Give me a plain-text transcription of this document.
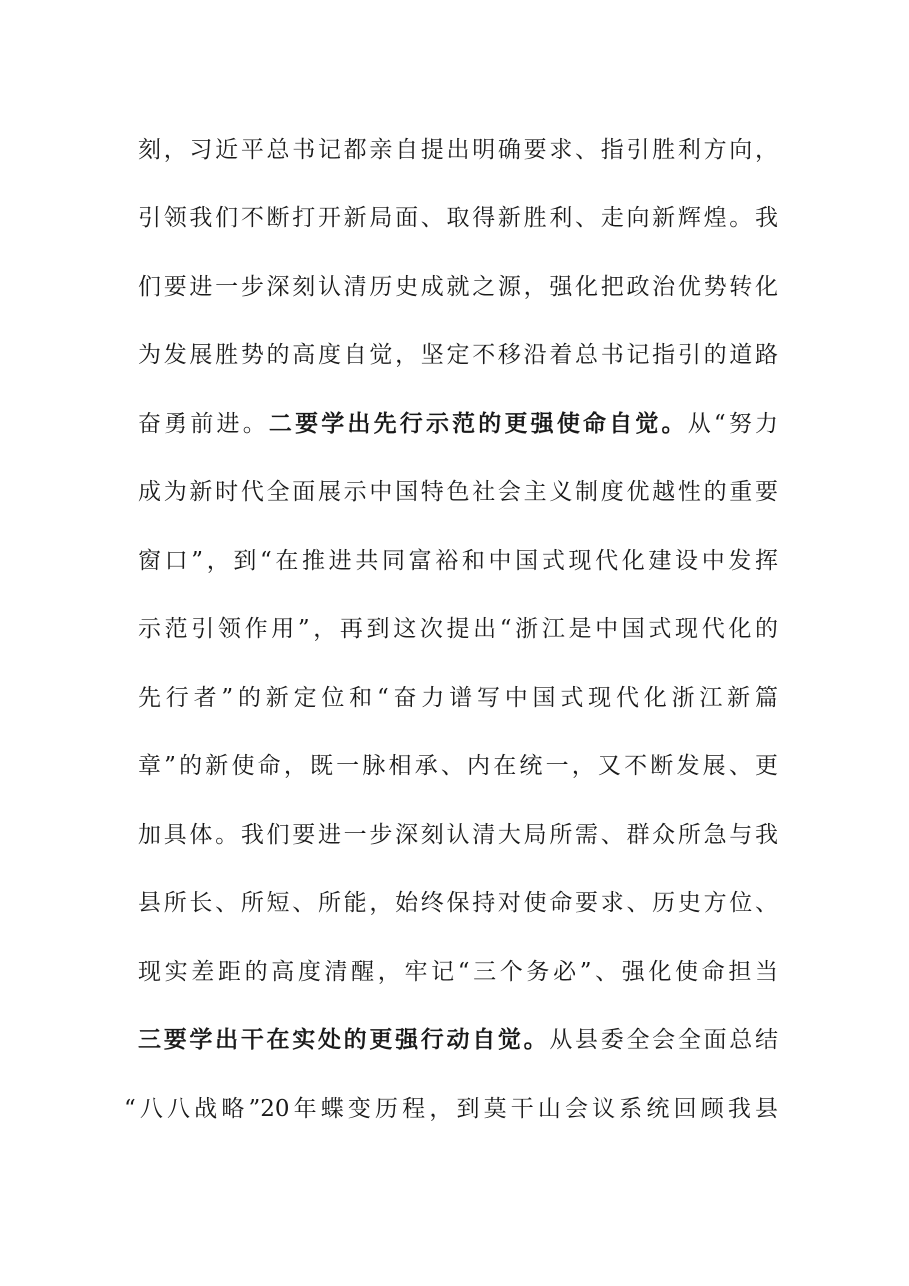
刻，习近平总书记都亲自提出明确要求、指引胜利方向，
引领我们不断打开新局面、取得新胜利、走向新辉煌。我
们要进一步深刻认清历史成就之源，强化把政治优势转化
为发展胜势的高度自觉，坚定不移沿着总书记指引的道路
奋勇前进。二要学出先行示范的更强使命自觉。从“努力
成为新时代全面展示中国特色社会主义制度优越性的重要
窗口”，到“在推进共同富裕和中国式现代化建设中发挥
示范引领作用”，再到这次提出“浙江是中国式现代化的
先行者”的新定位和“奋力谱写中国式现代化浙江新篇
章”的新使命，既一脉相承、内在统一，又不断发展、更
加具体。我们要进一步深刻认清大局所需、群众所急与我
县所长、所短、所能，始终保持对使命要求、历史方位、
现实差距的高度清醒，牢记“三个务必”、强化使命担当
三要学出干在实处的更强行动自觉。从县委全会全面总结
“八八战略”20年蝶变历程，到莫干山会议系统回顾我县
